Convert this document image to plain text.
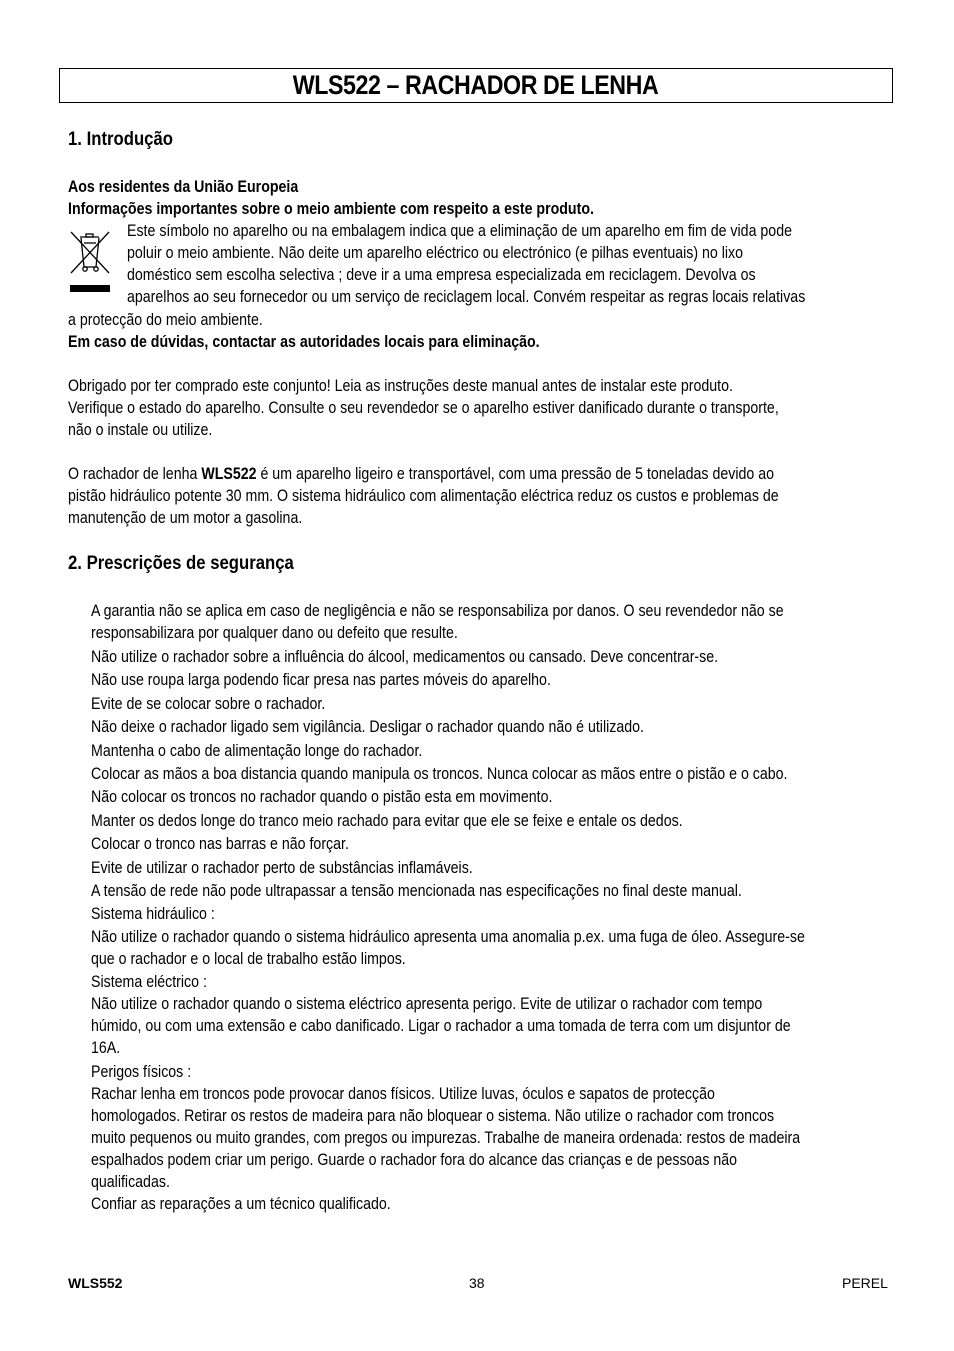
WLS522 – RACHADOR DE LENHA
1. Introdução
Aos residentes da União Europeia
Informações importantes sobre o meio ambiente com respeito a este produto.
Este símbolo no aparelho ou na embalagem indica que a eliminação de um aparelho em fim de vida pode
poluir o meio ambiente. Não deite um aparelho eléctrico ou electrónico (e pilhas eventuais) no lixo
doméstico sem escolha selectiva ; deve ir a uma empresa especializada em reciclagem. Devolva os
aparelhos ao seu fornecedor ou um serviço de reciclagem local. Convém respeitar as regras locais relativas
a protecção do meio ambiente.
Em caso de dúvidas, contactar as autoridades locais para eliminação.
Obrigado por ter comprado este conjunto! Leia as instruções deste manual antes de instalar este produto.
Verifique o estado do aparelho. Consulte o seu revendedor se o aparelho estiver danificado durante o transporte,
não o instale ou utilize.
O rachador de lenha WLS522 é um aparelho ligeiro e transportável, com uma pressão de 5 toneladas devido ao
pistão hidráulico potente 30 mm. O sistema hidráulico com alimentação eléctrica reduz os custos e problemas de
manutenção de um motor a gasolina.
2. Prescrições de segurança
A garantia não se aplica em caso de negligência e não se responsabiliza por danos. O seu revendedor não se
responsabilizara por qualquer dano ou defeito que resulte.
Não utilize o rachador sobre a influência do álcool, medicamentos ou cansado. Deve concentrar-se.
Não use roupa larga podendo ficar presa nas partes móveis do aparelho.
Evite de se colocar sobre o rachador.
Não deixe o rachador ligado sem vigilância. Desligar o rachador quando não é utilizado.
Mantenha o cabo de alimentação longe do rachador.
Colocar as mãos a boa distancia quando manipula os troncos. Nunca colocar as mãos entre o pistão e o cabo.
Não colocar os troncos no rachador quando o pistão esta em movimento.
Manter os dedos longe do tranco meio rachado para evitar que ele se feixe e entale os dedos.
Colocar o tronco nas barras e não forçar.
Evite de utilizar o rachador perto de substâncias inflamáveis.
A tensão de rede não pode ultrapassar a tensão mencionada nas especificações no final deste manual.
Sistema hidráulico :
Não utilize o rachador quando o sistema hidráulico apresenta uma anomalia p.ex. uma fuga de óleo. Assegure-se
que o rachador e o local de trabalho estão limpos.
Sistema eléctrico :
Não utilize o rachador quando o sistema eléctrico apresenta perigo. Evite de utilizar o rachador com tempo
húmido, ou com uma extensão e cabo danificado. Ligar o rachador a uma tomada de terra com um disjuntor de
16A.
Perigos físicos :
Rachar lenha em troncos pode provocar danos físicos. Utilize luvas, óculos e sapatos de protecção
homologados. Retirar os restos de madeira para não bloquear o sistema. Não utilize o rachador com troncos
muito pequenos ou muito grandes, com pregos ou impurezas. Trabalhe de maneira ordenada: restos de madeira
espalhados podem criar um perigo. Guarde o rachador fora do alcance das crianças e de pessoas não
qualificadas.
Confiar as reparações a um técnico qualificado.
WLS552	38	PEREL
